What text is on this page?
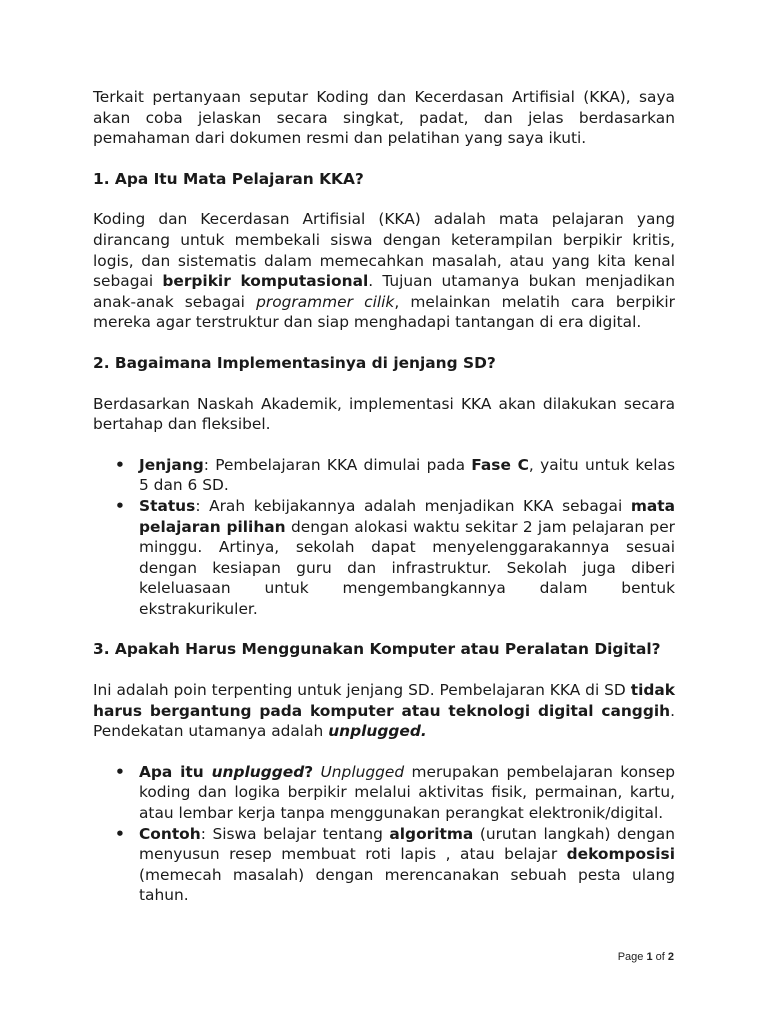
Terkait pertanyaan seputar Koding dan Kecerdasan Artifisial (KKA), saya akan coba jelaskan secara singkat, padat, dan jelas berdasarkan pemahaman dari dokumen resmi dan pelatihan yang saya ikuti.

1. Apa Itu Mata Pelajaran KKA?

Koding dan Kecerdasan Artifisial (KKA) adalah mata pelajaran yang dirancang untuk membekali siswa dengan keterampilan berpikir kritis, logis, dan sistematis dalam memecahkan masalah, atau yang kita kenal sebagai berpikir komputasional. Tujuan utamanya bukan menjadikan anak-anak sebagai programmer cilik, melainkan melatih cara berpikir mereka agar terstruktur dan siap menghadapi tantangan di era digital.

2. Bagaimana Implementasinya di jenjang SD?

Berdasarkan Naskah Akademik, implementasi KKA akan dilakukan secara bertahap dan fleksibel.

• Jenjang: Pembelajaran KKA dimulai pada Fase C, yaitu untuk kelas 5 dan 6 SD.
• Status: Arah kebijakannya adalah menjadikan KKA sebagai mata pelajaran pilihan dengan alokasi waktu sekitar 2 jam pelajaran per minggu. Artinya, sekolah dapat menyelenggarakannya sesuai dengan kesiapan guru dan infrastruktur. Sekolah juga diberi keleluasaan untuk mengembangkannya dalam bentuk ekstrakurikuler.
3. Apakah Harus Menggunakan Komputer atau Peralatan Digital?

Ini adalah poin terpenting untuk jenjang SD. Pembelajaran KKA di SD tidak harus bergantung pada komputer atau teknologi digital canggih. Pendekatan utamanya adalah unplugged.

• Apa itu unplugged? Unplugged merupakan pembelajaran konsep koding dan logika berpikir melalui aktivitas fisik, permainan, kartu, atau lembar kerja tanpa menggunakan perangkat elektronik/digital.
• Contoh: Siswa belajar tentang algoritma (urutan langkah) dengan menyusun resep membuat roti lapis , atau belajar dekomposisi (memecah masalah) dengan merencanakan sebuah pesta ulang tahun.
Page 1 of 2
